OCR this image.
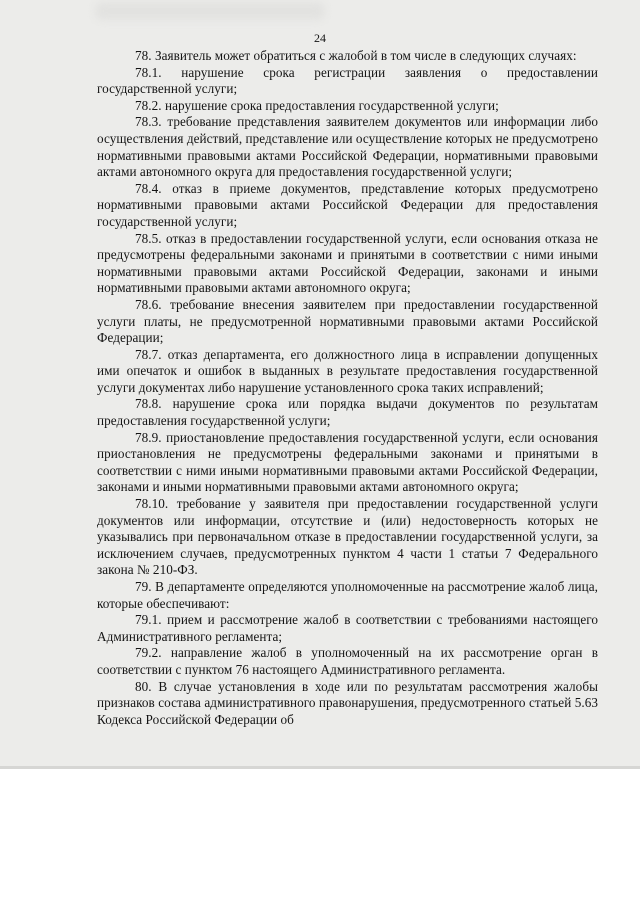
24

78. Заявитель может обратиться с жалобой в том числе в следующих случаях:

78.1. нарушение срока регистрации заявления о предоставлении государственной услуги;

78.2. нарушение срока предоставления государственной услуги;

78.3. требование представления заявителем документов или информации либо осуществления действий, представление или осуществление которых не предусмотрено нормативными правовыми актами Российской Федерации, нормативными правовыми актами автономного округа для предоставления государственной услуги;

78.4. отказ в приеме документов, представление которых предусмотрено нормативными правовыми актами Российской Федерации для предоставления государственной услуги;

78.5. отказ в предоставлении государственной услуги, если основания отказа не предусмотрены федеральными законами и принятыми в соответствии с ними иными нормативными правовыми актами Российской Федерации, законами и иными нормативными правовыми актами автономного округа;

78.6. требование внесения заявителем при предоставлении государственной услуги платы, не предусмотренной нормативными правовыми актами Российской Федерации;

78.7. отказ департамента, его должностного лица в исправлении допущенных ими опечаток и ошибок в выданных в результате предоставления государственной услуги документах либо нарушение установленного срока таких исправлений;

78.8. нарушение срока или порядка выдачи документов по результатам предоставления государственной услуги;

78.9. приостановление предоставления государственной услуги, если основания приостановления не предусмотрены федеральными законами и принятыми в соответствии с ними иными нормативными правовыми актами Российской Федерации, законами и иными нормативными правовыми актами автономного округа;

78.10. требование у заявителя при предоставлении государственной услуги документов или информации, отсутствие и (или) недостоверность которых не указывались при первоначальном отказе в предоставлении государственной услуги, за исключением случаев, предусмотренных пунктом 4 части 1 статьи 7 Федерального закона № 210-ФЗ.

79. В департаменте определяются уполномоченные на рассмотрение жалоб лица, которые обеспечивают:

79.1. прием и рассмотрение жалоб в соответствии с требованиями настоящего Административного регламента;

79.2. направление жалоб в уполномоченный на их рассмотрение орган в соответствии с пунктом 76 настоящего Административного регламента.

80. В случае установления в ходе или по результатам рассмотрения жалобы признаков состава административного правонарушения, предусмотренного статьей 5.63 Кодекса Российской Федерации об
